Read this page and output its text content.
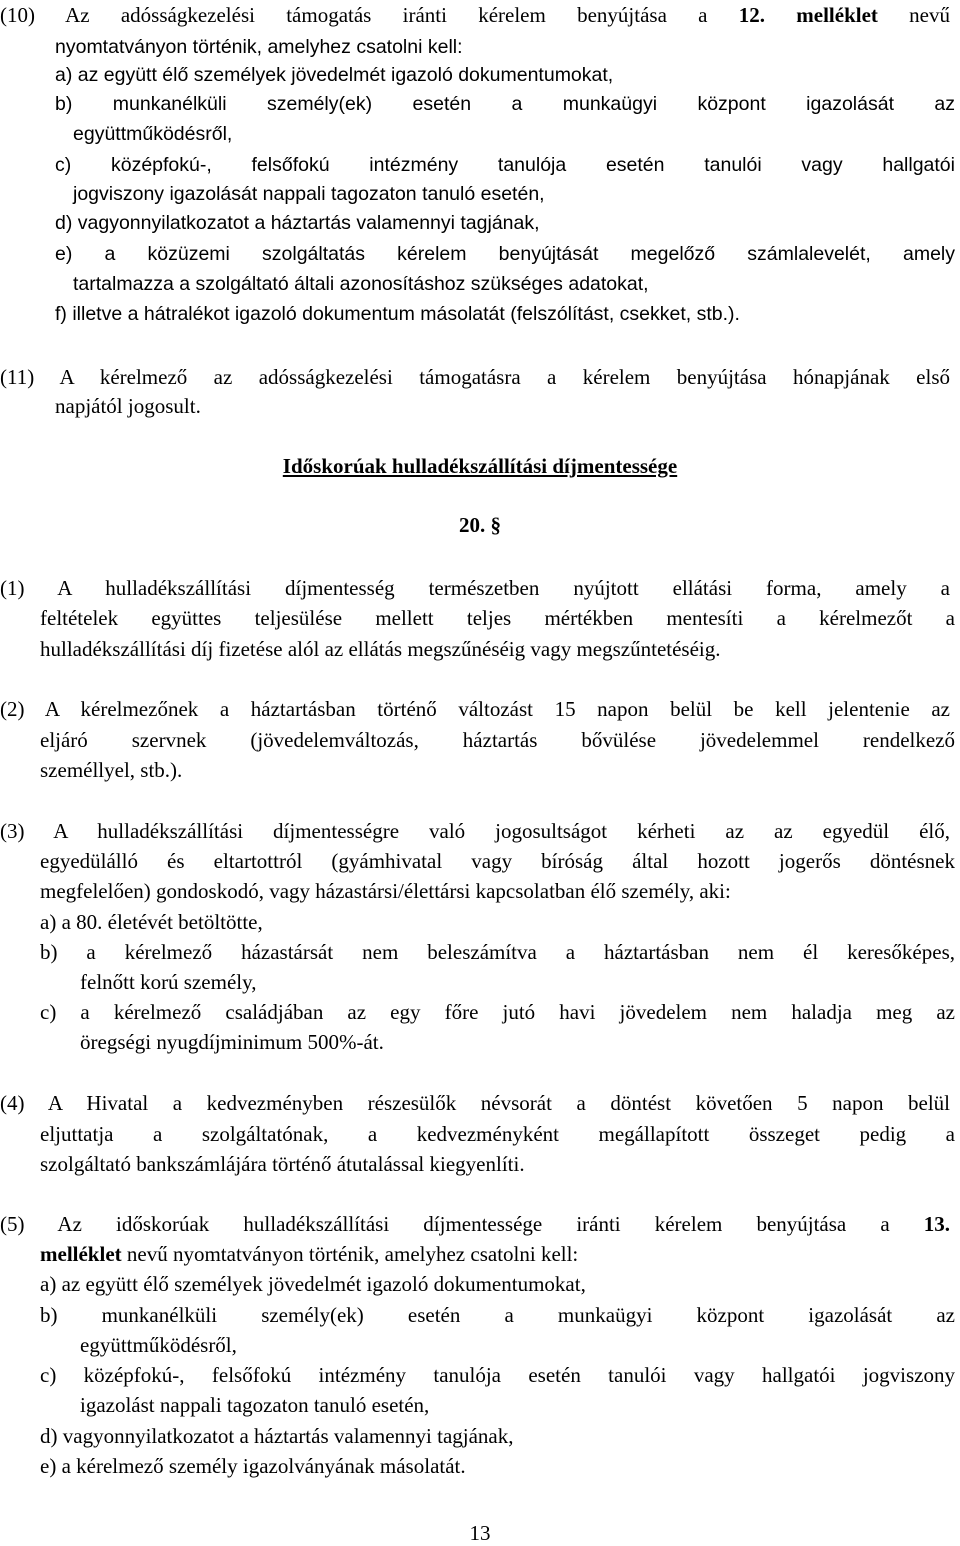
(10) Az adósságkezelési támogatás iránti kérelem benyújtása a 12. melléklet nevű
nyomtatványon történik, amelyhez csatolni kell:
a) az együtt élő személyek jövedelmét igazoló dokumentumokat,
b) munkanélküli személy(ek) esetén a munkaügyi központ igazolását az
együttműködésről,
c) középfokú-, felsőfokú intézmény tanulója esetén tanulói vagy hallgatói
jogviszony igazolását nappali tagozaton tanuló esetén,
d) vagyonnyilatkozatot a háztartás valamennyi tagjának,
e) a közüzemi szolgáltatás kérelem benyújtását megelőző számlalevelét, amely
tartalmazza a szolgáltató általi azonosításhoz szükséges adatokat,
f) illetve a hátralékot igazoló dokumentum másolatát (felszólítást, csekket, stb.).
(11) A kérelmező az adósságkezelési támogatásra a kérelem benyújtása hónapjának első
napjától jogosult.
Időskorúak hulladékszállítási díjmentessége
20. §
(1) A hulladékszállítási díjmentesség természetben nyújtott ellátási forma, amely a
feltételek együttes teljesülése mellett teljes mértékben mentesíti a kérelmezőt a
hulladékszállítási díj fizetése alól az ellátás megszűnéséig vagy megszűntetéséig.
(2) A kérelmezőnek a háztartásban történő változást 15 napon belül be kell jelentenie az
eljáró szervnek (jövedelemváltozás, háztartás bővülése jövedelemmel rendelkező
személlyel, stb.).
(3) A hulladékszállítási díjmentességre való jogosultságot kérheti az az egyedül élő,
egyedülálló és eltartottról (gyámhivatal vagy bíróság által hozott jogerős döntésnek
megfelelően) gondoskodó, vagy házastársi/élettársi kapcsolatban élő személy, aki:
a) a 80. életévét betöltötte,
b) a kérelmező házastársát nem beleszámítva a háztartásban nem él keresőképes,
felnőtt korú személy,
c) a kérelmező családjában az egy főre jutó havi jövedelem nem haladja meg az
öregségi nyugdíjminimum 500%-át.
(4) A Hivatal a kedvezményben részesülők névsorát a döntést követően 5 napon belül
eljuttatja a szolgáltatónak, a kedvezményként megállapított összeget pedig a
szolgáltató bankszámlájára történő átutalással kiegyenlíti.
(5) Az időskorúak hulladékszállítási díjmentessége iránti kérelem benyújtása a 13.
melléklet nevű nyomtatványon történik, amelyhez csatolni kell:
a) az együtt élő személyek jövedelmét igazoló dokumentumokat,
b) munkanélküli személy(ek) esetén a munkaügyi központ igazolását az
együttműködésről,
c) középfokú-, felsőfokú intézmény tanulója esetén tanulói vagy hallgatói jogviszony
igazolást nappali tagozaton tanuló esetén,
d) vagyonnyilatkozatot a háztartás valamennyi tagjának,
e) a kérelmező személy igazolványának másolatát.
13
